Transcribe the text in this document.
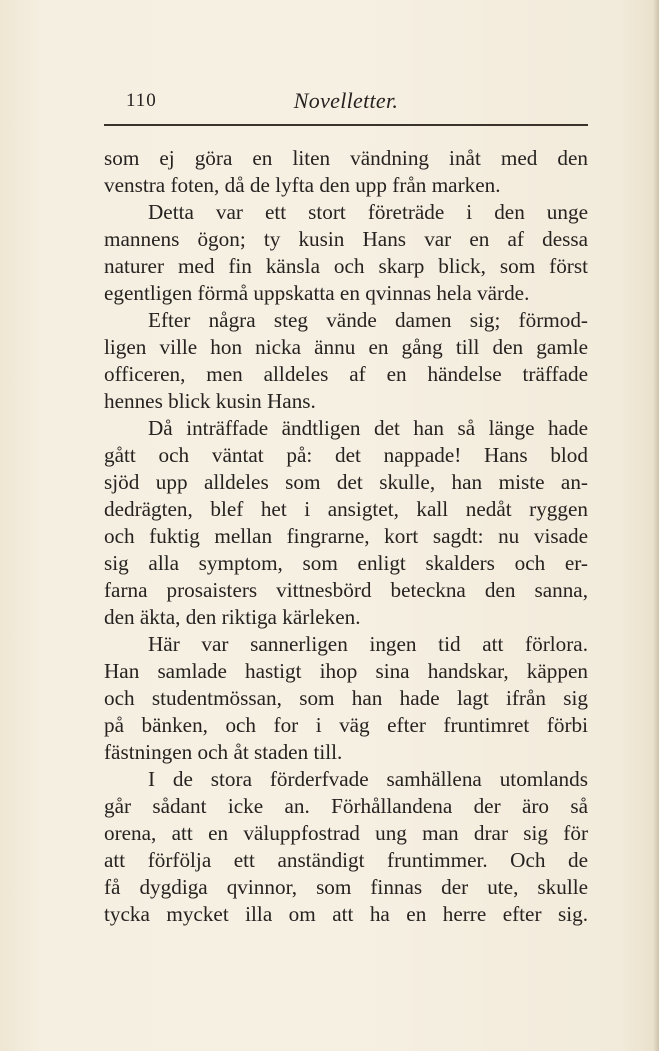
110	Novelletter.
som ej göra en liten vändning inåt med den
venstra foten, då de lyfta den upp från marken.
Detta var ett stort företräde i den unge
mannens ögon; ty kusin Hans var en af dessa
naturer med fin känsla och skarp blick, som först
egentligen förmå uppskatta en qvinnas hela värde.
Efter några steg vände damen sig; förmod-
ligen ville hon nicka ännu en gång till den gamle
officeren, men alldeles af en händelse träffade
hennes blick kusin Hans.
Då inträffade ändtligen det han så länge hade
gått och väntat på: det nappade! Hans blod
sjöd upp alldeles som det skulle, han miste an-
dedrägten, blef het i ansigtet, kall nedåt ryggen
och fuktig mellan fingrarne, kort sagdt: nu visade
sig alla symptom, som enligt skalders och er-
farna prosaisters vittnesbörd beteckna den sanna,
den äkta, den riktiga kärleken.
Här var sannerligen ingen tid att förlora.
Han samlade hastigt ihop sina handskar, käppen
och studentmössan, som han hade lagt ifrån sig
på bänken, och for i väg efter fruntimret förbi
fästningen och åt staden till.
I de stora förderfvade samhällena utomlands
går sådant icke an. Förhållandena der äro så
orena, att en väluppfostrad ung man drar sig för
att förfölja ett anständigt fruntimmer. Och de
få dygdiga qvinnor, som finnas der ute, skulle
tycka mycket illa om att ha en herre efter sig.
